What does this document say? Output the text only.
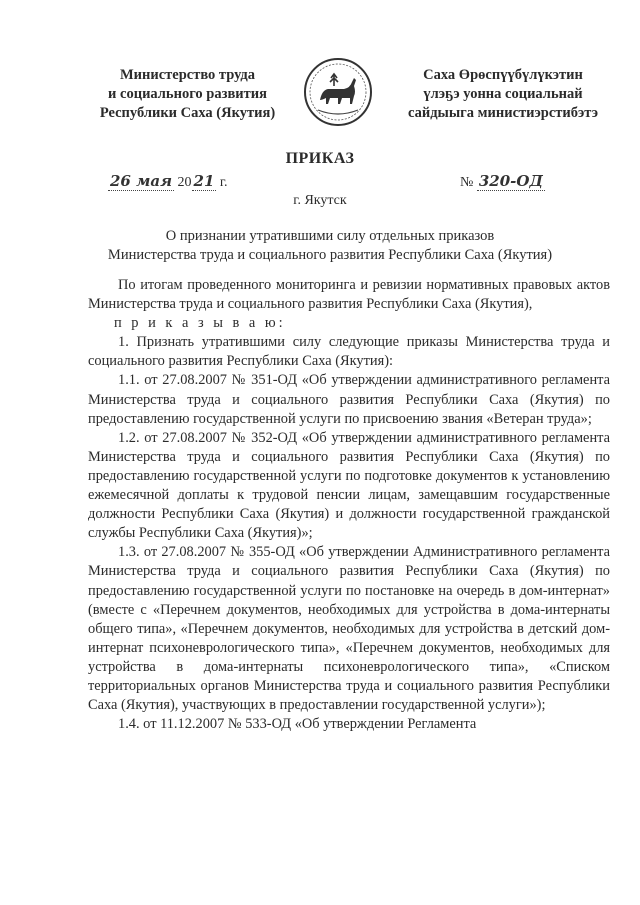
Министерство труда
и социального развития
Республики Саха (Якутия)
Саха Өрөспүүбүлүкэтин
үлэҕэ уонна социальнай
сайдыыга министиэрстибэтэ
ПРИКАЗ
26 мая 20 21 г.	№ 320-ОД
г. Якутск
О признании утратившими силу отдельных приказов
Министерства труда и социального развития Республики Саха (Якутия)

По итогам проведенного мониторинга и ревизии нормативных правовых актов Министерства труда и социального развития Республики Саха (Якутия),

п р и к а з ы в а ю:

1. Признать утратившими силу следующие приказы Министерства труда и социального развития Республики Саха (Якутия):

1.1. от 27.08.2007 № 351-ОД «Об утверждении административного регламента Министерства труда и социального развития Республики Саха (Якутия) по предоставлению государственной услуги по присвоению звания «Ветеран труда»;

1.2. от 27.08.2007 № 352-ОД «Об утверждении административного регламента Министерства труда и социального развития Республики Саха (Якутия) по предоставлению государственной услуги по подготовке документов к установлению ежемесячной доплаты к трудовой пенсии лицам, замещавшим государственные должности Республики Саха (Якутия) и должности государственной гражданской службы Республики Саха (Якутия)»;

1.3. от 27.08.2007 № 355-ОД «Об утверждении Административного регламента Министерства труда и социального развития Республики Саха (Якутия) по предоставлению государственной услуги по постановке на очередь в дом-интернат» (вместе с «Перечнем документов, необходимых для устройства в дома-интернаты общего типа», «Перечнем документов, необходимых для устройства в детский дом-интернат психоневрологического типа», «Перечнем документов, необходимых для устройства в дома-интернаты психоневрологического типа», «Списком территориальных органов Министерства труда и социального развития Республики Саха (Якутия), участвующих в предоставлении государственной услуги»);

1.4. от 11.12.2007 № 533-ОД «Об утверждении Регламента
